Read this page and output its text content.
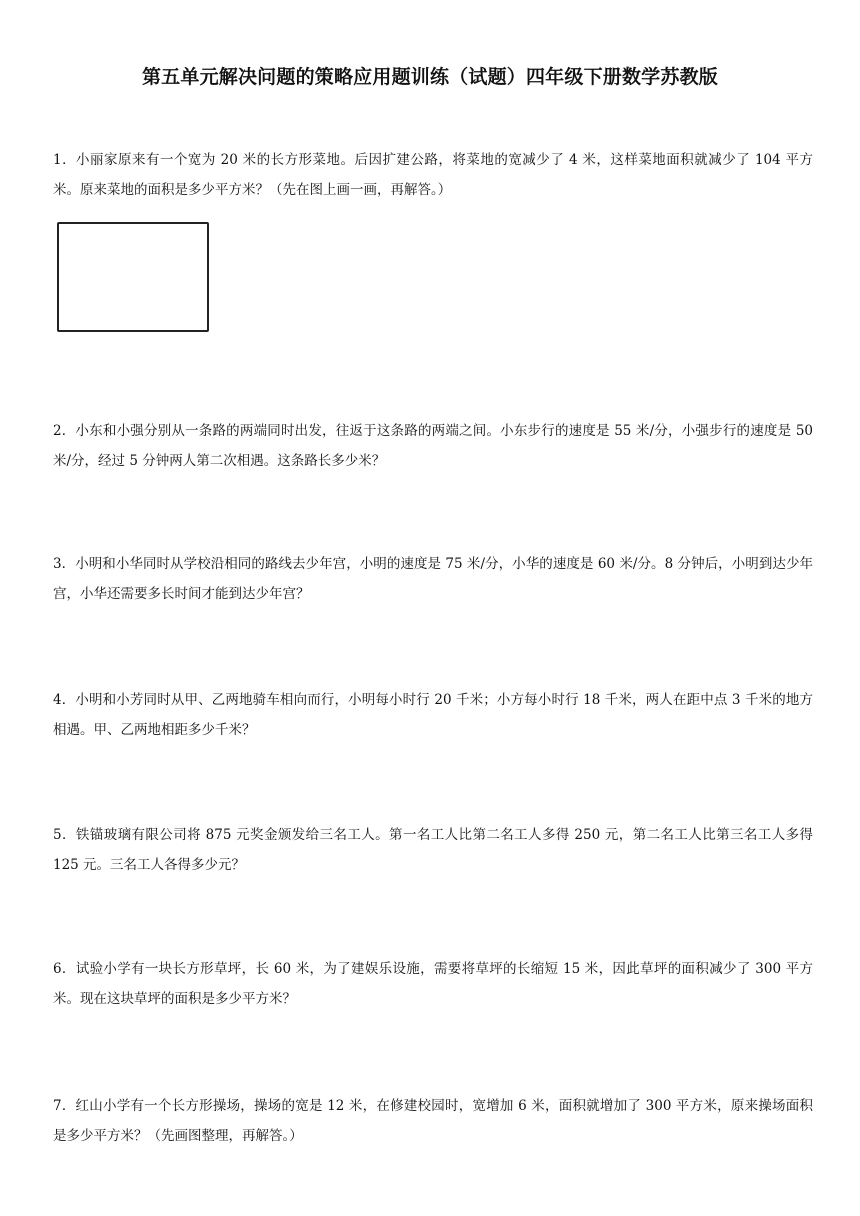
第五单元解决问题的策略应用题训练（试题）四年级下册数学苏教版
1．小丽家原来有一个宽为 20 米的长方形菜地。后因扩建公路，将菜地的宽减少了 4 米，这样菜地面积就减少了 104 平方米。原来菜地的面积是多少平方米？（先在图上画一画，再解答。）
2．小东和小强分别从一条路的两端同时出发，往返于这条路的两端之间。小东步行的速度是 55 米/分，小强步行的速度是 50 米/分，经过 5 分钟两人第二次相遇。这条路长多少米？
3．小明和小华同时从学校沿相同的路线去少年宫，小明的速度是 75 米/分，小华的速度是 60 米/分。8 分钟后，小明到达少年宫，小华还需要多长时间才能到达少年宫？
4．小明和小芳同时从甲、乙两地骑车相向而行，小明每小时行 20 千米；小方每小时行 18 千米，两人在距中点 3 千米的地方相遇。甲、乙两地相距多少千米？
5．铁锚玻璃有限公司将 875 元奖金颁发给三名工人。第一名工人比第二名工人多得 250 元，第二名工人比第三名工人多得 125 元。三名工人各得多少元？
6．试验小学有一块长方形草坪，长 60 米，为了建娱乐设施，需要将草坪的长缩短 15 米，因此草坪的面积减少了 300 平方米。现在这块草坪的面积是多少平方米？
7．红山小学有一个长方形操场，操场的宽是 12 米，在修建校园时，宽增加 6 米，面积就增加了 300 平方米，原来操场面积是多少平方米？（先画图整理，再解答。）
